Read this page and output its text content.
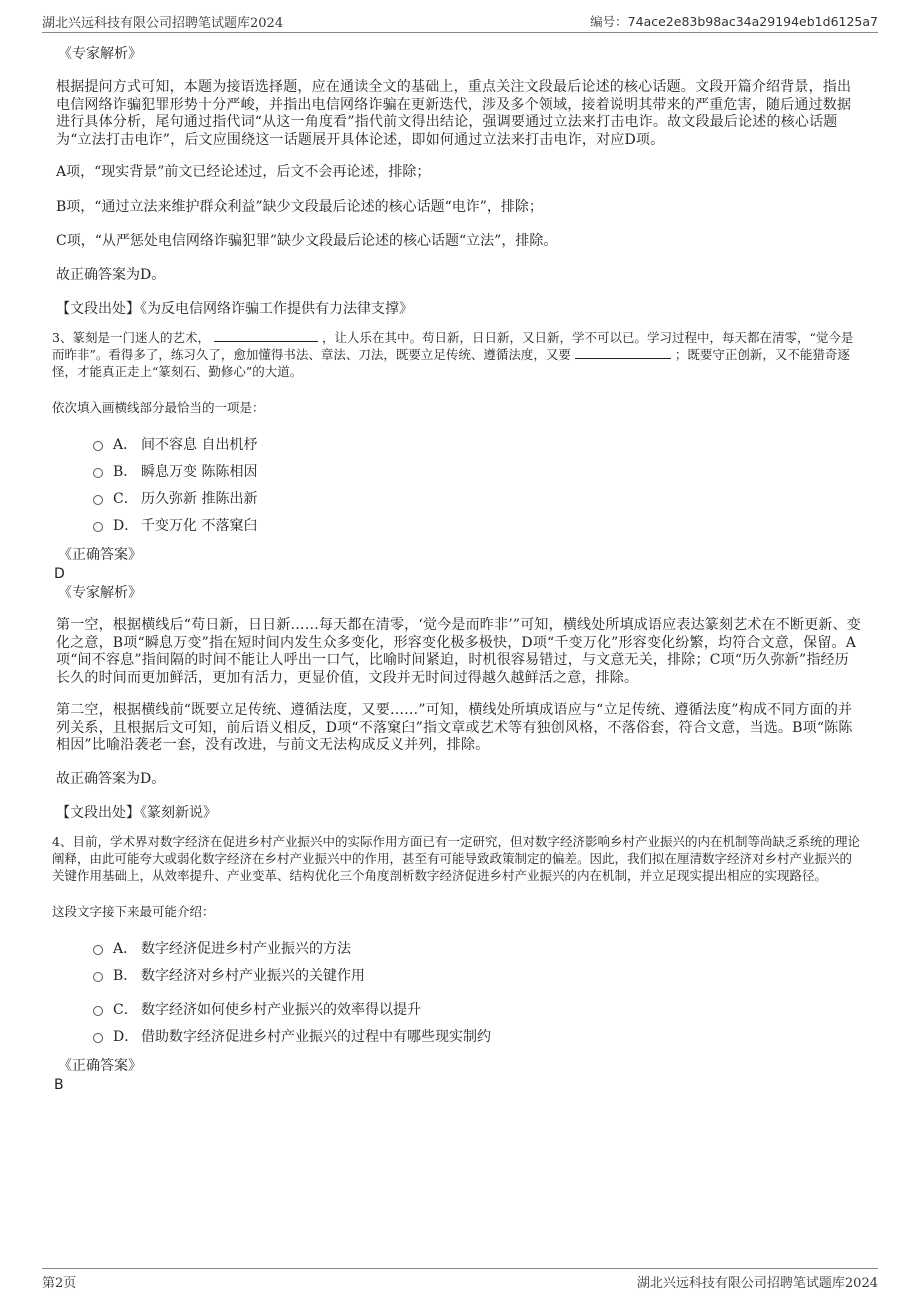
湖北兴远科技有限公司招聘笔试题库2024	编号：74ace2e83b98ac34a29194eb1d6125a7

《专家解析》

根据提问方式可知，本题为接语选择题，应在通读全文的基础上，重点关注文段最后论述的核心话题。文段开篇介绍背景，指出电信网络诈骗犯罪形势十分严峻，并指出电信网络诈骗在更新迭代，涉及多个领域，接着说明其带来的严重危害，随后通过数据进行具体分析，尾句通过指代词“从这一角度看”指代前文得出结论，强调要通过立法来打击电诈。故文段最后论述的核心话题为“立法打击电诈”，后文应围绕这一话题展开具体论述，即如何通过立法来打击电诈，对应D项。

A项，“现实背景”前文已经论述过，后文不会再论述，排除；

B项，“通过立法来维护群众利益”缺少文段最后论述的核心话题“电诈”，排除；

C项，“从严惩处电信网络诈骗犯罪”缺少文段最后论述的核心话题“立法”，排除。

故正确答案为D。

【文段出处】《为反电信网络诈骗工作提供有力法律支撑》

3、篆刻是一门迷人的艺术，	，让人乐在其中。苟日新，日日新，又日新，学不可以已。学习过程中，每天都在清零，“觉今是而昨非”。看得多了，练习久了，愈加懂得书法、章法、刀法，既要立足传统、遵循法度，又要	；既要守正创新，又不能猎奇逐怪，才能真正走上“篆刻石、勤修心”的大道。

依次填入画横线部分最恰当的一项是：

A． 间不容息 自出机杼
B． 瞬息万变 陈陈相因
C． 历久弥新 推陈出新
D． 千变万化 不落窠臼

《正确答案》

D

《专家解析》

第一空，根据横线后“苟日新，日日新……每天都在清零，‘觉今是而昨非’”可知，横线处所填成语应表达篆刻艺术在不断更新、变化之意，B项“瞬息万变”指在短时间内发生众多变化，形容变化极多极快，D项“千变万化”形容变化纷繁，均符合文意，保留。A项“间不容息”指间隔的时间不能让人呼出一口气，比喻时间紧迫，时机很容易错过，与文意无关，排除；C项“历久弥新”指经历长久的时间而更加鲜活，更加有活力，更显价值，文段并无时间过得越久越鲜活之意，排除。

第二空，根据横线前“既要立足传统、遵循法度，又要……”可知，横线处所填成语应与“立足传统、遵循法度”构成不同方面的并列关系，且根据后文可知，前后语义相反，D项“不落窠臼”指文章或艺术等有独创风格，不落俗套，符合文意，当选。B项“陈陈相因”比喻沿袭老一套，没有改进，与前文无法构成反义并列，排除。

故正确答案为D。

【文段出处】《篆刻新说》

4、目前，学术界对数字经济在促进乡村产业振兴中的实际作用方面已有一定研究，但对数字经济影响乡村产业振兴的内在机制等尚缺乏系统的理论阐释，由此可能夸大或弱化数字经济在乡村产业振兴中的作用，甚至有可能导致政策制定的偏差。因此，我们拟在厘清数字经济对乡村产业振兴的关键作用基础上，从效率提升、产业变革、结构优化三个角度剖析数字经济促进乡村产业振兴的内在机制，并立足现实提出相应的实现路径。

这段文字接下来最可能介绍：

A． 数字经济促进乡村产业振兴的方法
B． 数字经济对乡村产业振兴的关键作用
C． 数字经济如何使乡村产业振兴的效率得以提升
D． 借助数字经济促进乡村产业振兴的过程中有哪些现实制约

《正确答案》

B

第2页	湖北兴远科技有限公司招聘笔试题库2024
